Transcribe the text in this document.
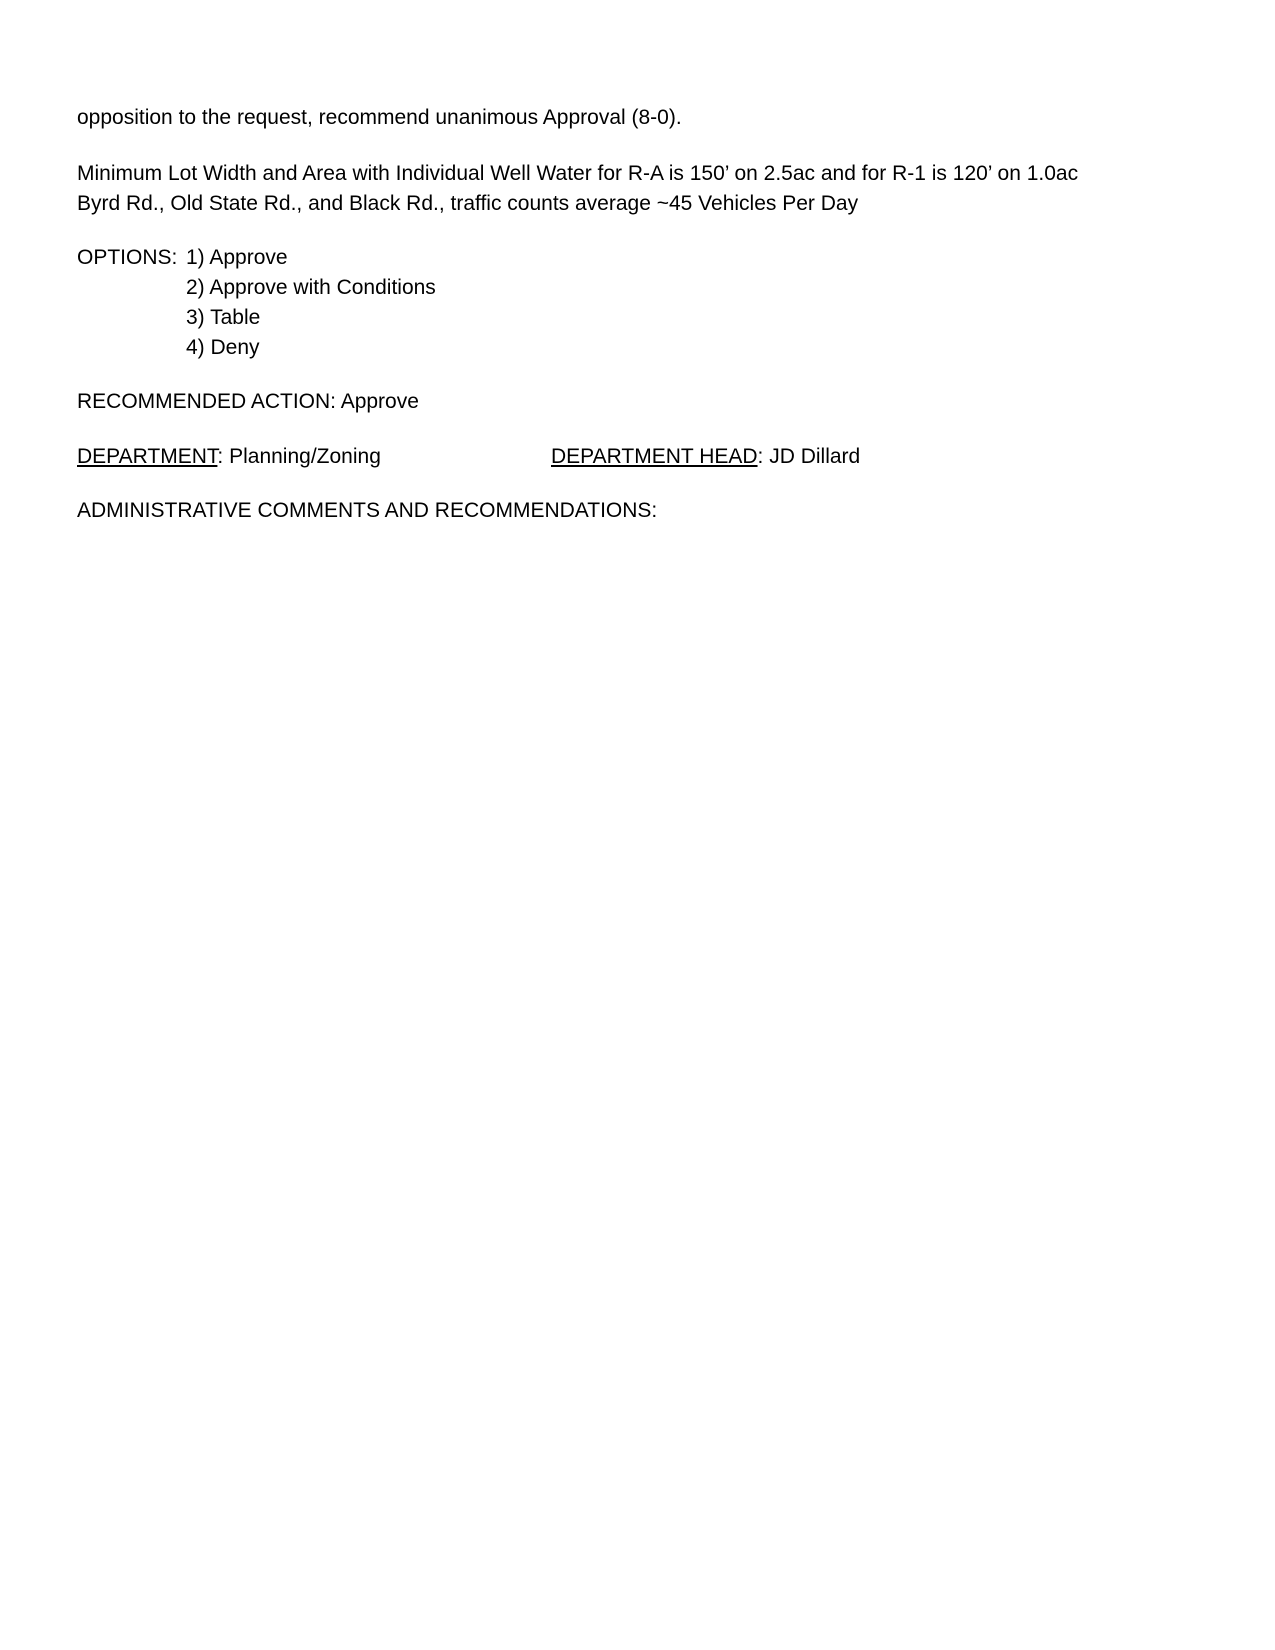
opposition to the request, recommend unanimous Approval (8-0).

Minimum Lot Width and Area with Individual Well Water for R-A is 150’ on 2.5ac and for R-1 is 120’ on 1.0ac

Byrd Rd., Old State Rd., and Black Rd., traffic counts average ~45 Vehicles Per Day

OPTIONS: 1) Approve
2) Approve with Conditions
3) Table
4) Deny

RECOMMENDED ACTION: Approve

DEPARTMENT: Planning/Zoning	DEPARTMENT HEAD: JD Dillard

ADMINISTRATIVE COMMENTS AND RECOMMENDATIONS:
